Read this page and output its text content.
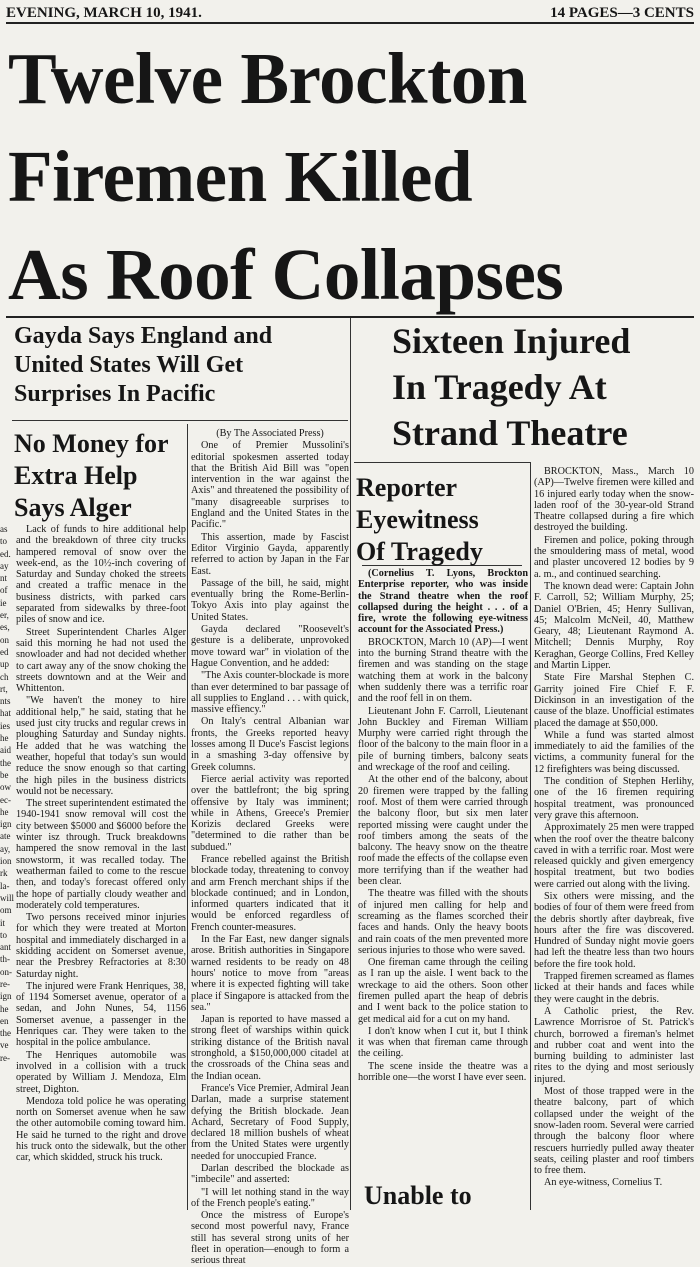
EVENING, MARCH 10, 1941.	14 PAGES—3 CENTS
Twelve Brockton
Firemen Killed
As Roof Collapses
Gayda Says England and
United States Will Get
Surprises In Pacific
Sixteen Injured
In Tragedy At
Strand Theatre
No Money for
Extra Help
Says Alger
Reporter
Eyewitness
Of Tragedy
Unable to

as

to

ed.

ay

nt

of

ie

er,

es,

on

ed

up

ch

rt,

nts

hat

ies

he

aid

the

be

ow

ec-

he

ign

ate

ay,

ion

rk

la-

will

om

it

to

ant

th-

on-

re-

ign

he

en

the

ve

re-

Lack of funds to hire additional help and the breakdown of three city trucks hampered removal of snow over the week-end, as the 10½-inch covering of Saturday and Sunday choked the streets and created a traffic menace in the business districts, with parked cars separated from sidewalks by three-foot piles of snow and ice.

Street Superintendent Charles Alger said this morning he had not used the snowloader and had not decided whether to cart away any of the snow choking the streets downtown and at the Weir and Whittenton.

"We haven't the money to hire additional help," he said, stating that he used just city trucks and regular crews in ploughing Saturday and Sunday nights. He added that he was watching the weather, hopeful that today's sun would reduce the snow enough so that carting the high piles in the business districts would not be necessary.

The street superintendent estimated the 1940-1941 snow removal will cost the city between $5000 and $6000 before the winter isz through. Truck breakdowns hampered the snow removal in the last snowstorm, it was recalled today. The weatherman failed to come to the rescue then, and today's forecast offered only the hope of partially cloudy weather and moderately cold temperatures.

Two persons received minor injuries for which they were treated at Morton hospital and immediately discharged in a skidding accident on Somerset avenue, near the Presbrey Refractories at 8:30 Saturday night.

The injured were Frank Henriques, 38, of 1194 Somerset avenue, operator of a sedan, and John Nunes, 54, 1156 Somerset avenue, a passenger in the Henriques car. They were taken to the hospital in the police ambulance.

The Henriques automobile was involved in a collision with a truck operated by William J. Mendoza, Elm street, Dighton.

Mendoza told police he was operating north on Somerset avenue when he saw the other automobile coming toward him. He said he turned to the right and drove his truck onto the sidewalk, but the other car, which skidded, struck his truck.

(By The Associated Press)

One of Premier Mussolini's editorial spokesmen asserted today that the British Aid Bill was "open intervention in the war against the Axis" and threatened the possibility of "many disagreeable surprises to England and the United States in the Pacific."

This assertion, made by Fascist Editor Virginio Gayda, apparently referred to action by Japan in the Far East.

Passage of the bill, he said, might eventually bring the Rome-Berlin-Tokyo Axis into play against the United States.

Gayda declared "Roosevelt's gesture is a deliberate, unprovoked move toward war" in violation of the Hague Convention, and he added:

"The Axis counter-blockade is more than ever determined to bar passage of all supplies to England . . . with quick, massive effiency."

On Italy's central Albanian war fronts, the Greeks reported heavy losses among Il Duce's Fascist legions in a smashing 3-day offensive by Greek columns.

Fierce aerial activity was reported over the battlefront; the big spring offensive by Italy was imminent; while in Athens, Greece's Premier Korizis declared Greeks were "determined to die rather than be subdued."

France rebelled against the British blockade today, threatening to convoy and arm French merchant ships if the blockade continued; and in London, informed quarters indicated that it would be enforced regardless of French counter-measures.

In the Far East, new danger signals arose. British authorities in Singapore warned residents to be ready on 48 hours' notice to move from "areas where it is expected fighting will take place if Singapore is attacked from the sea."

Japan is reported to have massed a strong fleet of warships within quick striking distance of the British naval stronghold, a $150,000,000 citadel at the crossroads of the China seas and the Indian ocean.

France's Vice Premier, Admiral Jean Darlan, made a surprise statement defying the British blockade. Jean Achard, Secretary of Food Supply, declared 18 million bushels of wheat from the United States were urgently needed for unoccupied France.

Darlan described the blockade as "imbecile" and asserted:

"I will let nothing stand in the way of the French people's eating."

Once the mistress of Europe's second most powerful navy, France still has several strong units of her fleet in operation—enough to form a serious threat

(Cornelius T. Lyons, Brockton Enterprise reporter, who was inside the Strand theatre when the roof collapsed during the height . . . of a fire, wrote the following eye-witness account for the Associated Press.)

BROCKTON, March 10 (AP)—I went into the burning Strand theatre with the firemen and was standing on the stage watching them at work in the balcony when suddenly there was a terrific roar and the roof fell in on them.

Lieutenant John F. Carroll, Lieutenant John Buckley and Fireman William Murphy were carried right through the floor of the balcony to the main floor in a pile of burning timbers, balcony seats and wreckage of the roof and ceiling.

At the other end of the balcony, about 20 firemen were trapped by the falling roof. Most of them were carried through the balcony floor, but six men later reported missing were caught under the roof timbers among the seats of the balcony. The heavy snow on the theatre roof made the effects of the collapse even more terrifying than if the weather had been clear.

The theatre was filled with the shouts of injured men calling for help and screaming as the flames scorched their faces and hands. Only the heavy boots and rain coats of the men prevented more serious injuries to those who were saved.

One fireman came through the ceiling as I ran up the aisle. I went back to the wreckage to aid the others. Soon other firemen pulled apart the heap of debris and I went back to the police station to get medical aid for a cut on my hand.

I don't know when I cut it, but I think it was when that fireman came through the ceiling.

The scene inside the theatre was a horrible one—the worst I have ever seen.

BROCKTON, Mass., March 10 (AP)—Twelve firemen were killed and 16 injured early today when the snow-laden roof of the 30-year-old Strand Theatre collapsed during a fire which destroyed the building.

Firemen and police, poking through the smouldering mass of metal, wood and plaster uncovered 12 bodies by 9 a. m., and continued searching.

The known dead were: Captain John F. Carroll, 52; William Murphy, 25; Daniel O'Brien, 45; Henry Sullivan, 45; Malcolm McNeil, 40, Matthew Geary, 48; Lieutenant Raymond A. Mitchell; Dennis Murphy, Roy Keraghan, George Collins, Fred Kelley and Martin Lipper.

State Fire Marshal Stephen C. Garrity joined Fire Chief F. F. Dickinson in an investigation of the cause of the blaze. Unofficial estimates placed the damage at $50,000.

While a fund was started almost immediately to aid the families of the victims, a community funeral for the 12 firefighters was being discussed.

The condition of Stephen Herlihy, one of the 16 firemen requiring hospital treatment, was pronounced very grave this afternoon.

Approximately 25 men were trapped when the roof over the theatre balcony caved in with a terrific roar. Most were released quickly and given emergency hospital treatment, but two bodies were carried out along with the living.

Six others were missing, and the bodies of four of them were freed from the debris shortly after daybreak, five hours after the fire was discovered. Hundred of Sunday night movie goers had left the theatre less than two hours before the fire took hold.

Trapped firemen screamed as flames licked at their hands and faces while they were caught in the debris.

A Catholic priest, the Rev. Lawrence Morrisroe of St. Patrick's church, borrowed a fireman's helmet and rubber coat and went into the burning building to administer last rites to the dying and most seriously injured.

Most of those trapped were in the theatre balcony, part of which collapsed under the weight of the snow-laden room. Several were carried through the balcony floor where rescuers hurriedly pulled away theater seats, ceiling plaster and roof timbers to free them.

An eye-witness, Cornelius T.
